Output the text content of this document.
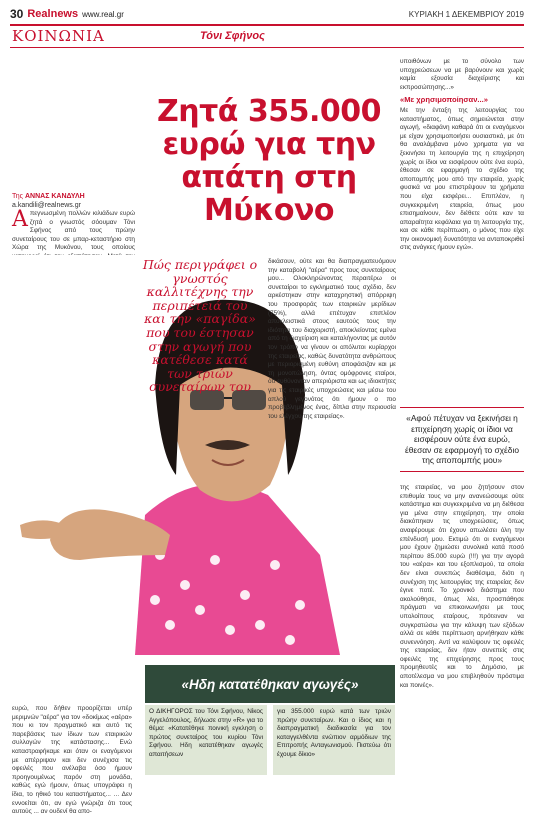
30 Realnews www.real.gr	ΚΥΡΙΑΚΗ 1 ΔΕΚΕΜΒΡΙΟΥ 2019
ΚΟΙΝΩΝΙΑ	Τόνι Σφήνος
Ζητά 355.000 ευρώ για την απάτη στη Μύκονο
Της ΑΝΝΑΣ ΚΑΝΔΥΛΗ
a.kandili@realnews.gr

Απεγνωσμένη πολλών κιλιάδων ευρώ ζητά ο γνωστός σόουμαν Τόνι Σφήνος από τους πρώην συνεταίρους του σε μπαρ-κεταστήριο στη Χώρα της Μυκόνου, τους οποίους

Πώς περιγράφει ο γνωστός καλλιτέχνης την περιπέτειά του και την «παγίδα» που του έστησαν στην αγωγή που κατέθεσε κατά των τριών συνεταίρων του

δικάσουν, ούτε και θα διαπραγματευόμουν την καταβολή "αέρα" προς τους συνεταίρους μου... Ολοκληρώνοντας περαιτέρω οι συνεταίροι το εγκληματικό τους σχέδιο, δεν αρκέστηκαν στην καταχρηστική απόρριψη του προσφοράς των εταιρικών μερίδιων (75%), αλλά επέτυχαν επιπλέον αποκλειστικά στους εαυτούς τους την ιδιότητα του διαχειριστή, αποκλείοντας εμένα από τη διαχείριση και καταλήγοντας με αυτόν τον τρόπο να γίνουν οι απόλυτοι κυρίαρχοι της εταιρείας, καθώς δυνατότητα ανθρώπους με περιορισμένη ευθύνη αποφάσιζαν και με τη μονοπώληση, όντας ομόφρονες εταίροι, ότι ευθύνονταν απεριόριστα και ως ιδιοκτήτες για τις εταιρικές υποχρεώσεις και μέσω του απλού γεγονότος ότι ήμουν ο πιο προβεβλημένος ένας, δίπλα στην περιουσία του ελέγχου της εταιρείας».

υποιθόνων με το σύνολο των υποχρεώσεων να με βαρύνουν και χωρίς καμία εξουσία διαχείρισης και εκπροσώπησης...»

«Με χρησιμοποίησαν...»

Με την ένταξη της λειτουργίας του καταστήματος, όπως σημειώνεται στην αγωγή, «διαφάνη καθαρά ότι οι εναγόμενοι με είχαν χρησιμοποιήσει ουσιαστικά, με ότι θα αναλάμβανα μόνο χρηματα για να ξεκινήσει τη λειτουργία της η επιχείρηση χωρίς οι ίδιοι να εισφέρουν ούτε ένα ευρώ, έθεσαν σε εφαρμογή το σχέδιο της αποπομπής μου από την εταιρεία, χωρίς φυσικά να μου επιστρέψουν τα χρήματα που είχα εισφέρει... Επιπλέον, η συγκεκριμένη εταιρεία, όπως μου επισημαίνουν, δεν διέθετε ούτε καν τα απαραίτητα κεφάλαια για τη λειτουργία της, και σε κάθε περίπτωση, ο μόνος που είχε την οικονομική δυνατότητα να ανταποκριθεί στις ανάγκες ήμουν εγώ».

«Αφού πέτυχαν να ξεκινήσει η επιχείρηση χωρίς οι ίδιοι να εισφέρουν ούτε ένα ευρώ, έθεσαν σε εφαρμογή το σχέδιο της αποπομπής μου»

της εταιρείας, να μου ζητήσουν στον επιθυμία τους να μην ανανεώσουμε ούτε κατάστημα και συγκεκριμένα να μη διέθεσα για μένα στην επιχείρηση, την οποία διακόπηκαν τις υποχρεώσεις, όπως αναφέρουμε ότι έχουν απωλέσει όλη την επένδυσή μου. Εκτιμώ ότι οι εναγόμενοι μου έχουν ζημιώσει συνολικά κατά ποσό περίπου 85.000 ευρώ (!!!) για την αγορά του «αέρα» και του εξοπλισμού, τα οποία δεν είναι συνεπώς διαθέσιμα, διότι η συνέχιση της λειτουργίας της εταιρείας δεν έγινε ποτέ. Το χρονικό διάστημα που ακολούθησε, όπως λέει, προσπάθησε πράγματι να επικοινωνήσει με τους υπολοίπους εταίρους, πρότειναν να συγκρατώσω για την κάλυψη των εξόδων αλλά σε κάθε περίπτωση αρνήθηκαν κάθε συνεννόηση. Αντί να καλύψουν τις οφειλές της εταιρείας, δεν ήταν συνεπείς στις οφειλές της επιχείρησης προς τους προμηθευτές και το Δημόσιο, με αποτέλεσμα να μου επιβληθούν πρόστιμα και ποινές».

ευρώ, που δήθεν προορίζεται υπέρ μεριμνών "αέρα" για τον «δοκίμως «αέρα» που κι τον πραγματικό και αυτό τις παρεβάσεις των ίδιων των εταιρικών συλλογών της κατάστασης... Ενώ καταστραφήκαμε και όταν οι εναγόμενοι με απέρριψαν και δεν συνέχισα τις οφειλές που ανέλαβα όσο ήμουν προηγουμένως παρόν στη μονάδα, καθώς εγώ ήμουν, όπως υπογράφει η ίδια, το ηθικό του καταστήματος... ... Δεν εννοείται ότι, αν εγώ γνώριζα ότι τους αυτούς ... αν ουδενί θα απο-

«Ηδη κατατέθηκαν αγωγές»
Ο ΔΙΚΗΓΟΡΟΣ του Τόνι Σφήνου, Νίκος Αγγελόπουλος, δήλωσε στην «R» για το θέμα: «Κατατέθηκε ποινική εγκληση ο πρώτος συνεταίρος του κυρίου Τόνι Σφήνου. Ηδη κατατέθηκαν αγωγές απαιτήσεων
για 355.000 ευρώ κατά των τριών πρώην συνεταίρων. Και ο ίδιος και η διαπραγματική διαδικασία για τον καταγγελθέντα ενώπιον αρμόδιων της Επιτροπής Ανταγωνισμού. Πιστεύω ότι έχουμε δίκιο»
